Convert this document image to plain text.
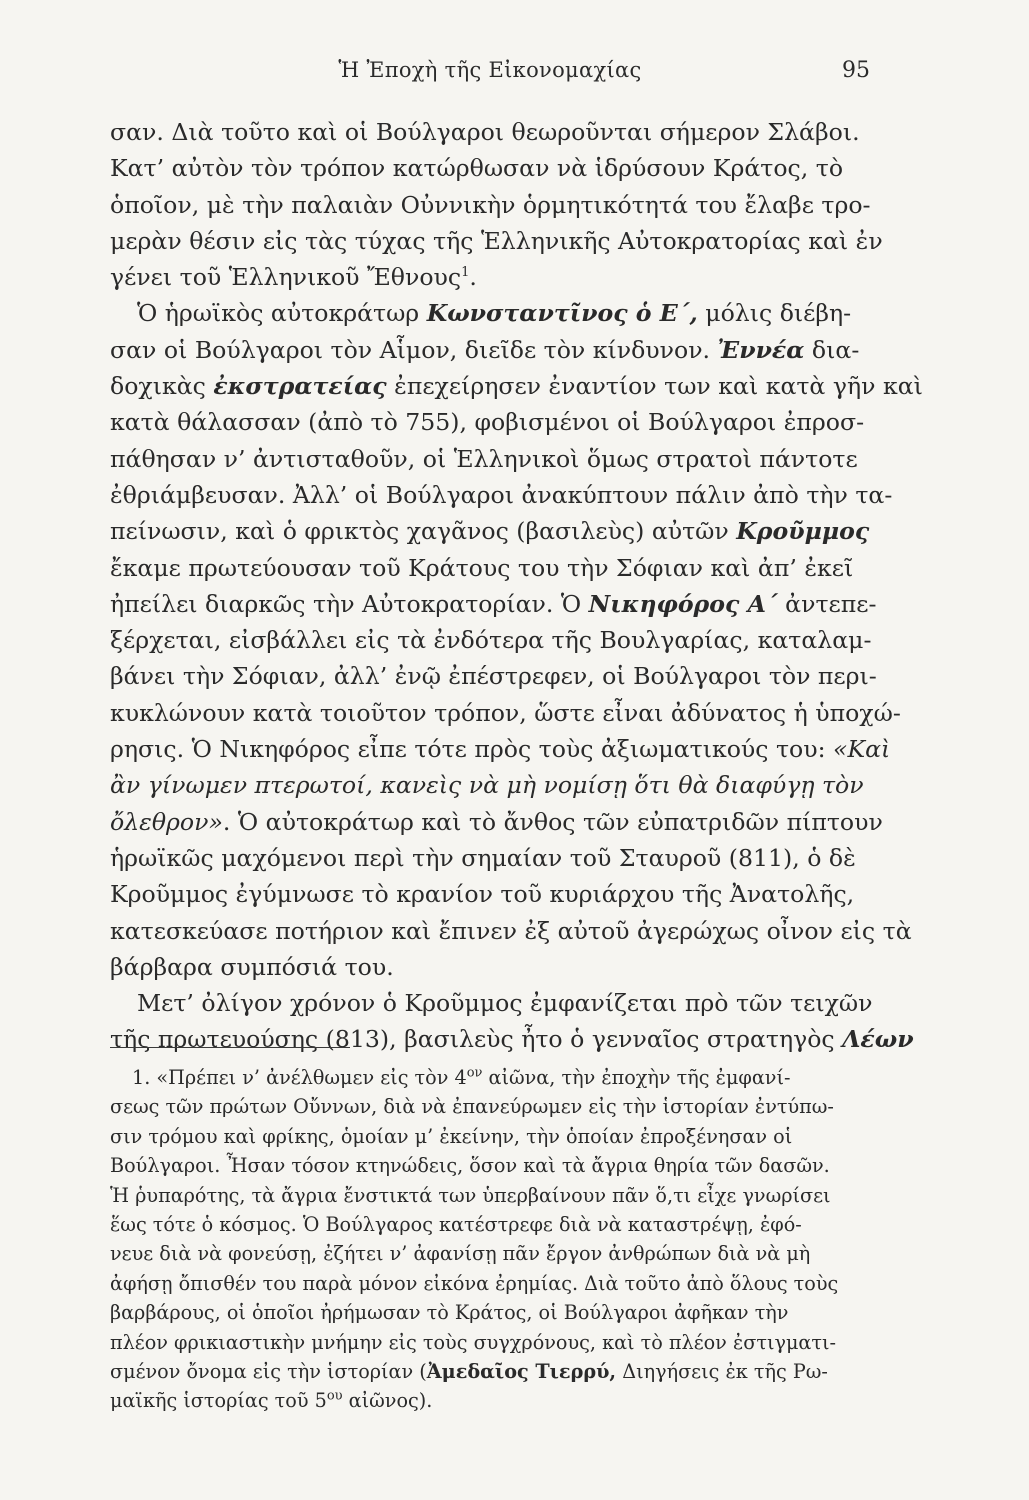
Ἡ Ἐποχὴ τῆς Εἰκονομαχίας	95
σαν. Διὰ τοῦτο καὶ οἱ Βούλγαροι θεωροῦνται σήμερον Σλάβοι.
Κατ’ αὐτὸν τὸν τρόπον κατώρθωσαν νὰ ἱδρύσουν Κράτος, τὸ
ὁποῖον, μὲ τὴν παλαιὰν Οὐννικὴν ὁρμητικότητά του ἔλαβε τρο-
μερὰν θέσιν εἰς τὰς τύχας τῆς Ἑλληνικῆς Αὐτοκρατορίας καὶ ἐν
γένει τοῦ Ἑλληνικοῦ Ἔθνους$^1$.
Ὁ ἡρωϊκὸς αὐτοκράτωρ Κωνσταντῖνος ὁ Ε΄, μόλις διέβη-
σαν οἱ Βούλγαροι τὸν Αἷμον, διεῖδε τὸν κίνδυνον. Ἐννέα δια-
δοχικὰς ἐκστρατείας ἐπεχείρησεν ἐναντίον των καὶ κατὰ γῆν καὶ
κατὰ θάλασσαν (ἀπὸ τὸ 755), φοβισμένοι οἱ Βούλγαροι ἐπροσ-
πάθησαν ν’ ἀντισταθοῦν, οἱ Ἑλληνικοὶ ὅμως στρατοὶ πάντοτε
ἐθριάμβευσαν. Ἀλλ’ οἱ Βούλγαροι ἀνακύπτουν πάλιν ἀπὸ τὴν τα-
πείνωσιν, καὶ ὁ φρικτὸς χαγᾶνος (βασιλεὺς) αὐτῶν Κροῦμμος
ἔκαμε πρωτεύουσαν τοῦ Κράτους του τὴν Σόφιαν καὶ ἀπ’ ἐκεῖ
ἠπείλει διαρκῶς τὴν Αὐτοκρατορίαν. Ὁ Νικηφόρος Α΄ ἀντεπε-
ξέρχεται, εἰσβάλλει εἰς τὰ ἐνδότερα τῆς Βουλγαρίας, καταλαμ-
βάνει τὴν Σόφιαν, ἀλλ’ ἐνῷ ἐπέστρεφεν, οἱ Βούλγαροι τὸν περι-
κυκλώνουν κατὰ τοιοῦτον τρόπον, ὥστε εἶναι ἀδύνατος ἡ ὑποχώ-
ρησις. Ὁ Νικηφόρος εἶπε τότε πρὸς τοὺς ἀξιωματικούς του: «Καὶ
ἂν γίνωμεν πτερωτοί, κανεὶς νὰ μὴ νομίσῃ ὅτι θὰ διαφύγῃ τὸν
ὄλεθρον». Ὁ αὐτοκράτωρ καὶ τὸ ἄνθος τῶν εὐπατριδῶν πίπτουν
ἡρωϊκῶς μαχόμενοι περὶ τὴν σημαίαν τοῦ Σταυροῦ (811), ὁ δὲ
Κροῦμμος ἐγύμνωσε τὸ κρανίον τοῦ κυριάρχου τῆς Ἀνατολῆς,
κατεσκεύασε ποτήριον καὶ ἔπινεν ἐξ αὐτοῦ ἀγερώχως οἶνον εἰς τὰ
βάρβαρα συμπόσιά του.
Μετ’ ὀλίγον χρόνον ὁ Κροῦμμος ἐμφανίζεται πρὸ τῶν τειχῶν
τῆς πρωτευούσης (813), βασιλεὺς ἦτο ὁ γενναῖος στρατηγὸς Λέων
1. «Πρέπει ν’ ἀνέλθωμεν εἰς τὸν $4^{o\nu}$ αἰῶνα, τὴν ἐποχὴν τῆς ἐμφανί-
σεως τῶν πρώτων Οὔννων, διὰ νὰ ἐπανεύρωμεν εἰς τὴν ἱστορίαν ἐντύπω-
σιν τρόμου καὶ φρίκης, ὁμοίαν μ’ ἐκείνην, τὴν ὁποίαν ἐπροξένησαν οἱ
Βούλγαροι. Ἦσαν τόσον κτηνώδεις, ὅσον καὶ τὰ ἄγρια θηρία τῶν δασῶν.
Ἡ ῥυπαρότης, τὰ ἄγρια ἔνστικτά των ὑπερβαίνουν πᾶν ὅ,τι εἶχε γνωρίσει
ἕως τότε ὁ κόσμος. Ὁ Βούλγαρος κατέστρεφε διὰ νὰ καταστρέψῃ, ἐφό-
νευε διὰ νὰ φονεύσῃ, ἐζήτει ν’ ἀφανίσῃ πᾶν ἔργον ἀνθρώπων διὰ νὰ μὴ
ἀφήσῃ ὄπισθέν του παρὰ μόνον εἰκόνα ἐρημίας. Διὰ τοῦτο ἀπὸ ὅλους τοὺς
βαρβάρους, οἱ ὁποῖοι ἠρήμωσαν τὸ Κράτος, οἱ Βούλγαροι ἀφῆκαν τὴν
πλέον φρικιαστικὴν μνήμην εἰς τοὺς συγχρόνους, καὶ τὸ πλέον ἐστιγματι-
σμένον ὄνομα εἰς τὴν ἱστορίαν (Ἀμεδαῖος Τιερρύ, Διηγήσεις ἐκ τῆς Ρω-
μαϊκῆς ἱστορίας τοῦ $5^{o\upsilon}$ αἰῶνος).
